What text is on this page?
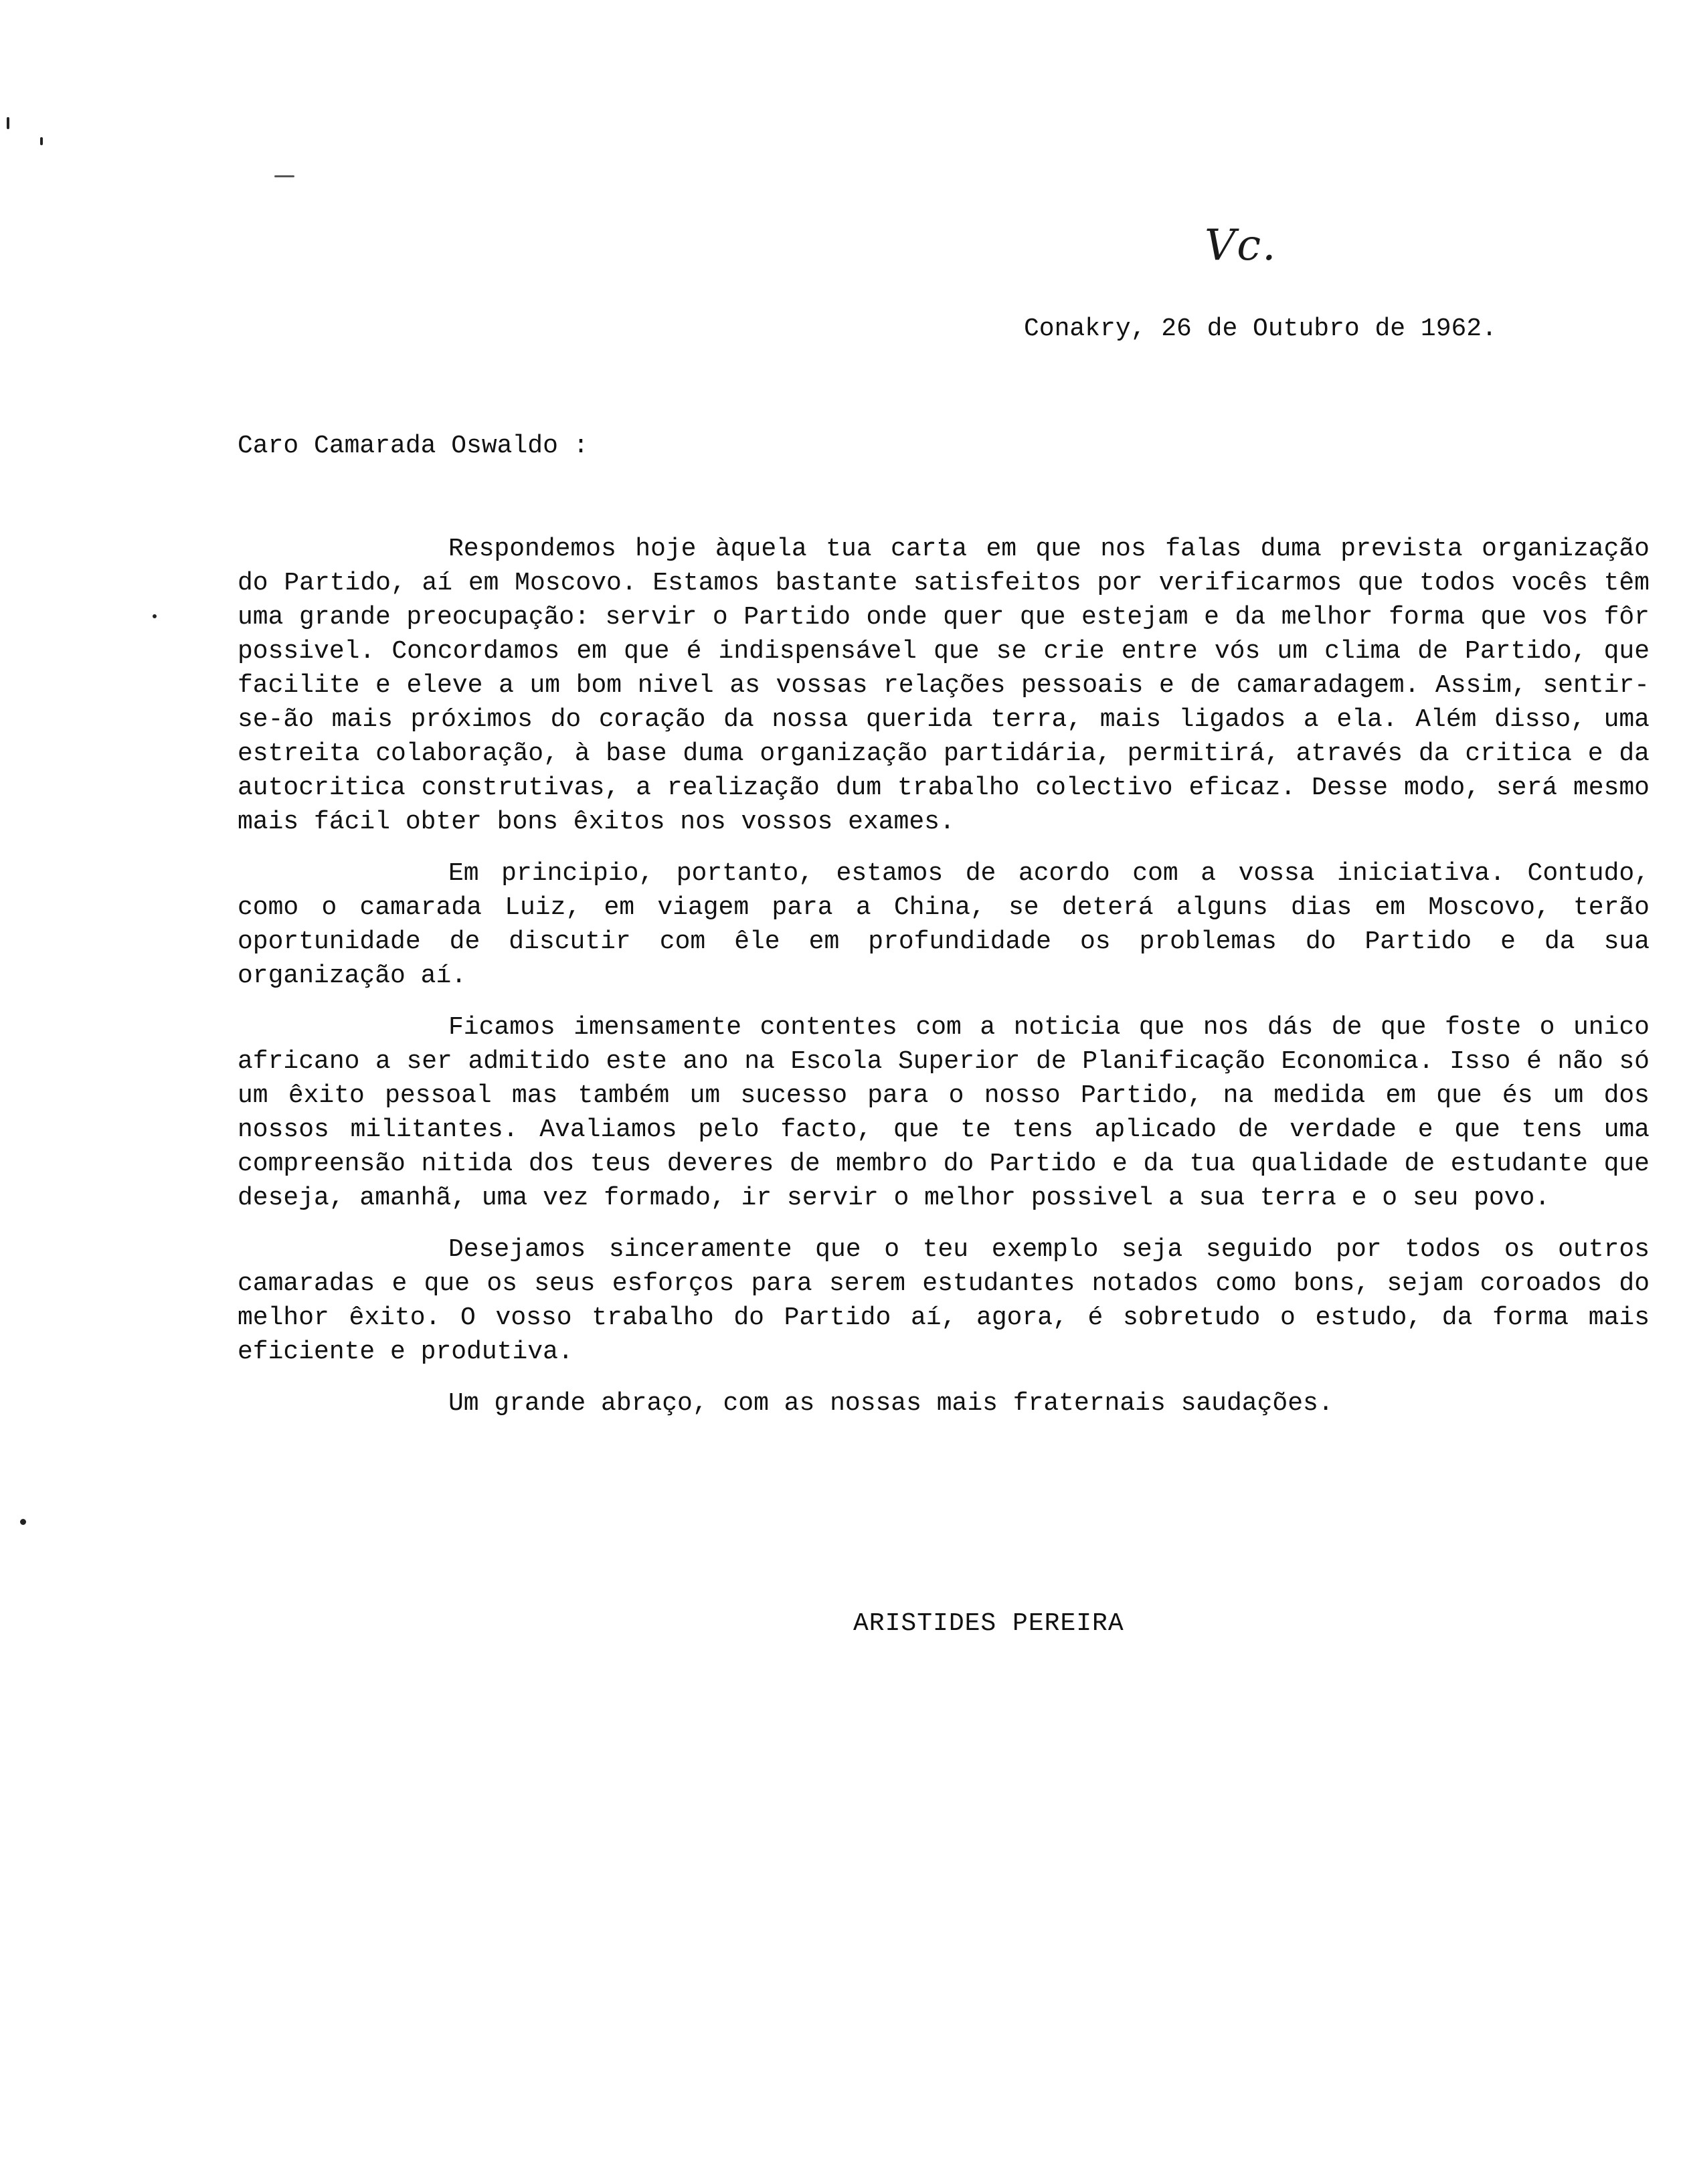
Vc.
Conakry, 26 de Outubro de 1962.
Caro Camarada Oswaldo :

Respondemos hoje àquela tua carta em que nos falas duma prevista organização do Partido, aí em Moscovo. Estamos bastante satisfeitos por verificarmos que todos vocês têm uma grande preocupação: servir o Partido onde quer que estejam e da melhor forma que vos fôr possivel. Concordamos em que é indispensável que se crie entre vós um clima de Partido, que facilite e eleve a um bom nivel as vossas relações pessoais e de camaradagem. Assim, sentir-se-ão mais próximos do coração da nossa querida terra, mais ligados a ela. Além disso, uma estreita colaboração, à base duma organização partidária, permitirá, através da critica e da autocritica construtivas, a realização dum trabalho colectivo eficaz. Desse modo, será mesmo mais fácil obter bons êxitos nos vossos exames.

Em principio, portanto, estamos de acordo com a vossa iniciativa. Contudo, como o camarada Luiz, em viagem para a China, se deterá alguns dias em Moscovo, terão oportunidade de discutir com êle em profundidade os problemas do Partido e da sua organização aí.

Ficamos imensamente contentes com a noticia que nos dás de que foste o unico africano a ser admitido este ano na Escola Superior de Planificação Economica. Isso é não só um êxito pessoal mas também um sucesso para o nosso Partido, na medida em que és um dos nossos militantes. Avaliamos pelo facto, que te tens aplicado de verdade e que tens uma compreensão nitida dos teus deveres de membro do Partido e da tua qualidade de estudante que deseja, amanhã, uma vez formado, ir servir o melhor possivel a sua terra e o seu povo.

Desejamos sinceramente que o teu exemplo seja seguido por todos os outros camaradas e que os seus esforços para serem estudantes notados como bons, sejam coroados do melhor êxito. O vosso trabalho do Partido aí, agora, é sobretudo o estudo, da forma mais eficiente e produtiva.

Um grande abraço, com as nossas mais fraternais saudações.

ARISTIDES PEREIRA
